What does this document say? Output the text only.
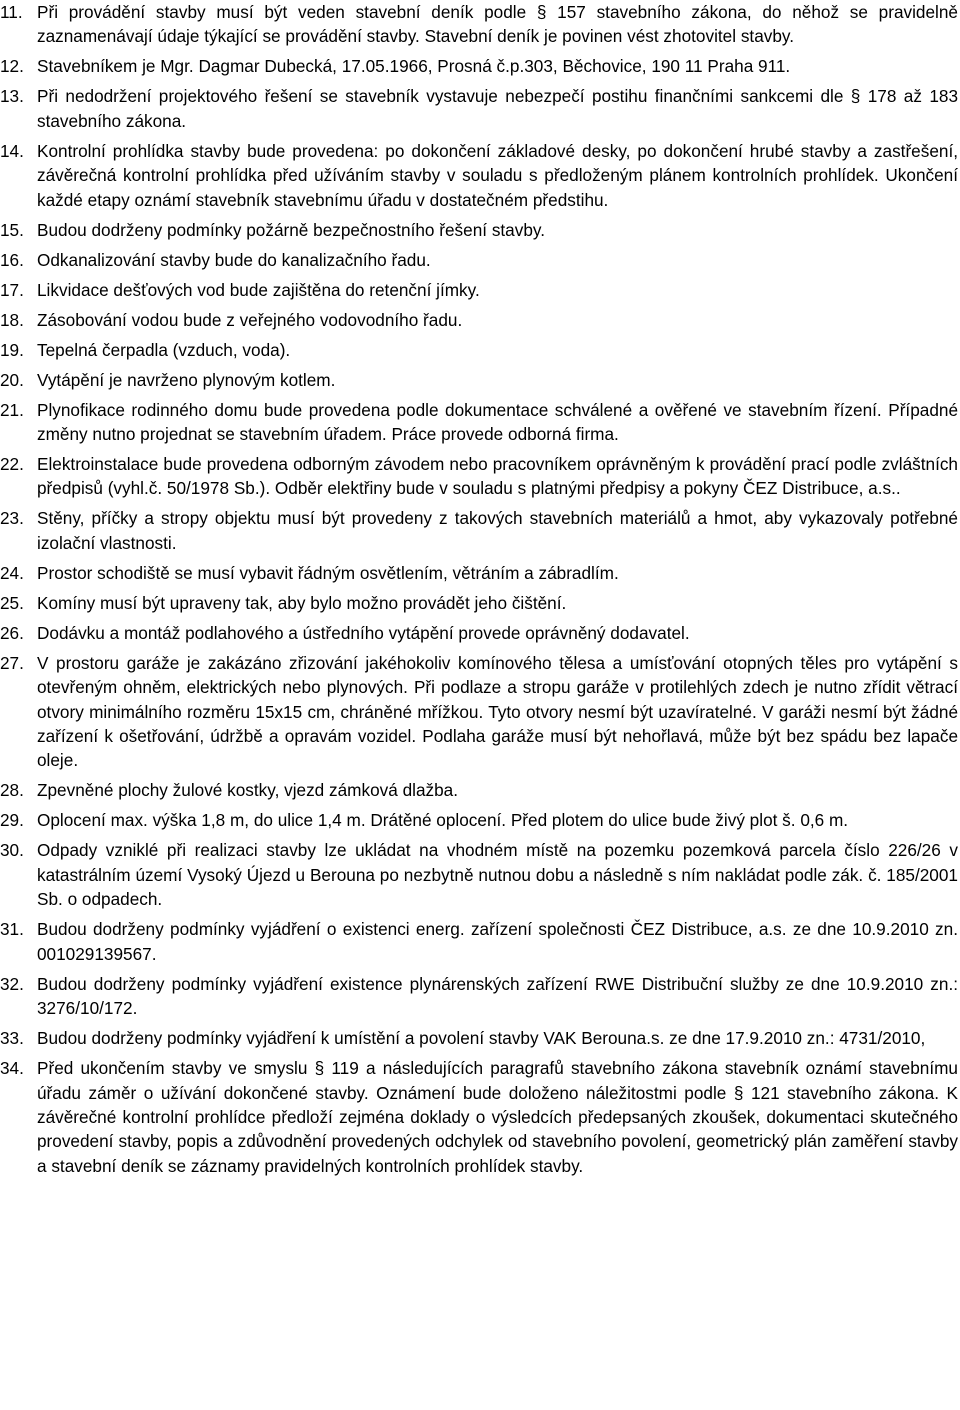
11. Při provádění stavby musí být veden stavební deník podle § 157 stavebního zákona, do něhož se pravidelně zaznamenávají údaje týkající se provádění stavby. Stavební deník je povinen vést zhotovitel stavby.
12. Stavebníkem je Mgr. Dagmar Dubecká, 17.05.1966, Prosná č.p.303, Běchovice, 190 11 Praha 911.
13. Při nedodržení projektového řešení se stavebník vystavuje nebezpečí postihu finančními sankcemi dle § 178 až 183 stavebního zákona.
14. Kontrolní prohlídka stavby bude provedena: po dokončení základové desky, po dokončení hrubé stavby a zastřešení, závěrečná kontrolní prohlídka před užíváním stavby v souladu s předloženým plánem kontrolních prohlídek. Ukončení každé etapy oznámí stavebník stavebnímu úřadu v dostatečném předstihu.
15. Budou dodrženy podmínky požárně bezpečnostního řešení stavby.
16. Odkanalizování stavby bude do kanalizačního řadu.
17. Likvidace dešťových vod bude zajištěna do retenční jímky.
18. Zásobování vodou bude z veřejného vodovodního řadu.
19. Tepelná čerpadla (vzduch, voda).
20. Vytápění je navrženo plynovým kotlem.
21. Plynofikace rodinného domu bude provedena podle dokumentace schválené a ověřené ve stavebním řízení. Případné změny nutno projednat se stavebním úřadem. Práce provede odborná firma.
22. Elektroinstalace bude provedena odborným závodem nebo pracovníkem oprávněným k provádění prací podle zvláštních předpisů (vyhl.č. 50/1978 Sb.). Odběr elektřiny bude v souladu s platnými předpisy a pokyny ČEZ Distribuce, a.s..
23. Stěny, příčky a stropy objektu musí být provedeny z takových stavebních materiálů a hmot, aby vykazovaly potřebné izolační vlastnosti.
24. Prostor schodiště se musí vybavit řádným osvětlením, větráním a zábradlím.
25. Komíny musí být upraveny tak, aby bylo možno provádět jeho čištění.
26. Dodávku a montáž podlahového a ústředního vytápění provede oprávněný dodavatel.
27. V prostoru garáže je zakázáno zřizování jakéhokoliv komínového tělesa a umísťování otopných těles pro vytápění s otevřeným ohněm, elektrických nebo plynových. Při podlaze a stropu garáže v protilehlých zdech je nutno zřídit větrací otvory minimálního rozměru 15x15 cm, chráněné mřížkou. Tyto otvory nesmí být uzavíratelné. V garáži nesmí být žádné zařízení k ošetřování, údržbě a opravám vozidel. Podlaha garáže musí být nehořlavá, může být bez spádu bez lapače oleje.
28. Zpevněné plochy žulové kostky, vjezd zámková dlažba.
29. Oplocení max. výška 1,8 m, do ulice 1,4 m. Drátěné oplocení. Před plotem do ulice bude živý plot š. 0,6 m.
30. Odpady vzniklé při realizaci stavby lze ukládat na vhodném místě na pozemku pozemková parcela číslo 226/26 v katastrálním území Vysoký Újezd u Berouna po nezbytně nutnou dobu a následně s ním nakládat podle zák. č. 185/2001 Sb. o odpadech.
31. Budou dodrženy podmínky vyjádření o existenci energ. zařízení společnosti ČEZ Distribuce, a.s. ze dne 10.9.2010 zn. 001029139567.
32. Budou dodrženy podmínky vyjádření existence plynárenských zařízení RWE Distribuční služby ze dne 10.9.2010 zn.: 3276/10/172.
33. Budou dodrženy podmínky vyjádření k umístění a povolení stavby VAK Berouna.s. ze dne 17.9.2010 zn.: 4731/2010,
34. Před ukončením stavby ve smyslu § 119 a následujících paragrafů stavebního zákona stavebník oznámí stavebnímu úřadu záměr o užívání dokončené stavby. Oznámení bude doloženo náležitostmi podle § 121 stavebního zákona. K závěrečné kontrolní prohlídce předloží zejména doklady o výsledcích předepsaných zkoušek, dokumentaci skutečného provedení stavby, popis a zdůvodnění provedených odchylek od stavebního povolení, geometrický plán zaměření stavby a stavební deník se záznamy pravidelných kontrolních prohlídek stavby.
